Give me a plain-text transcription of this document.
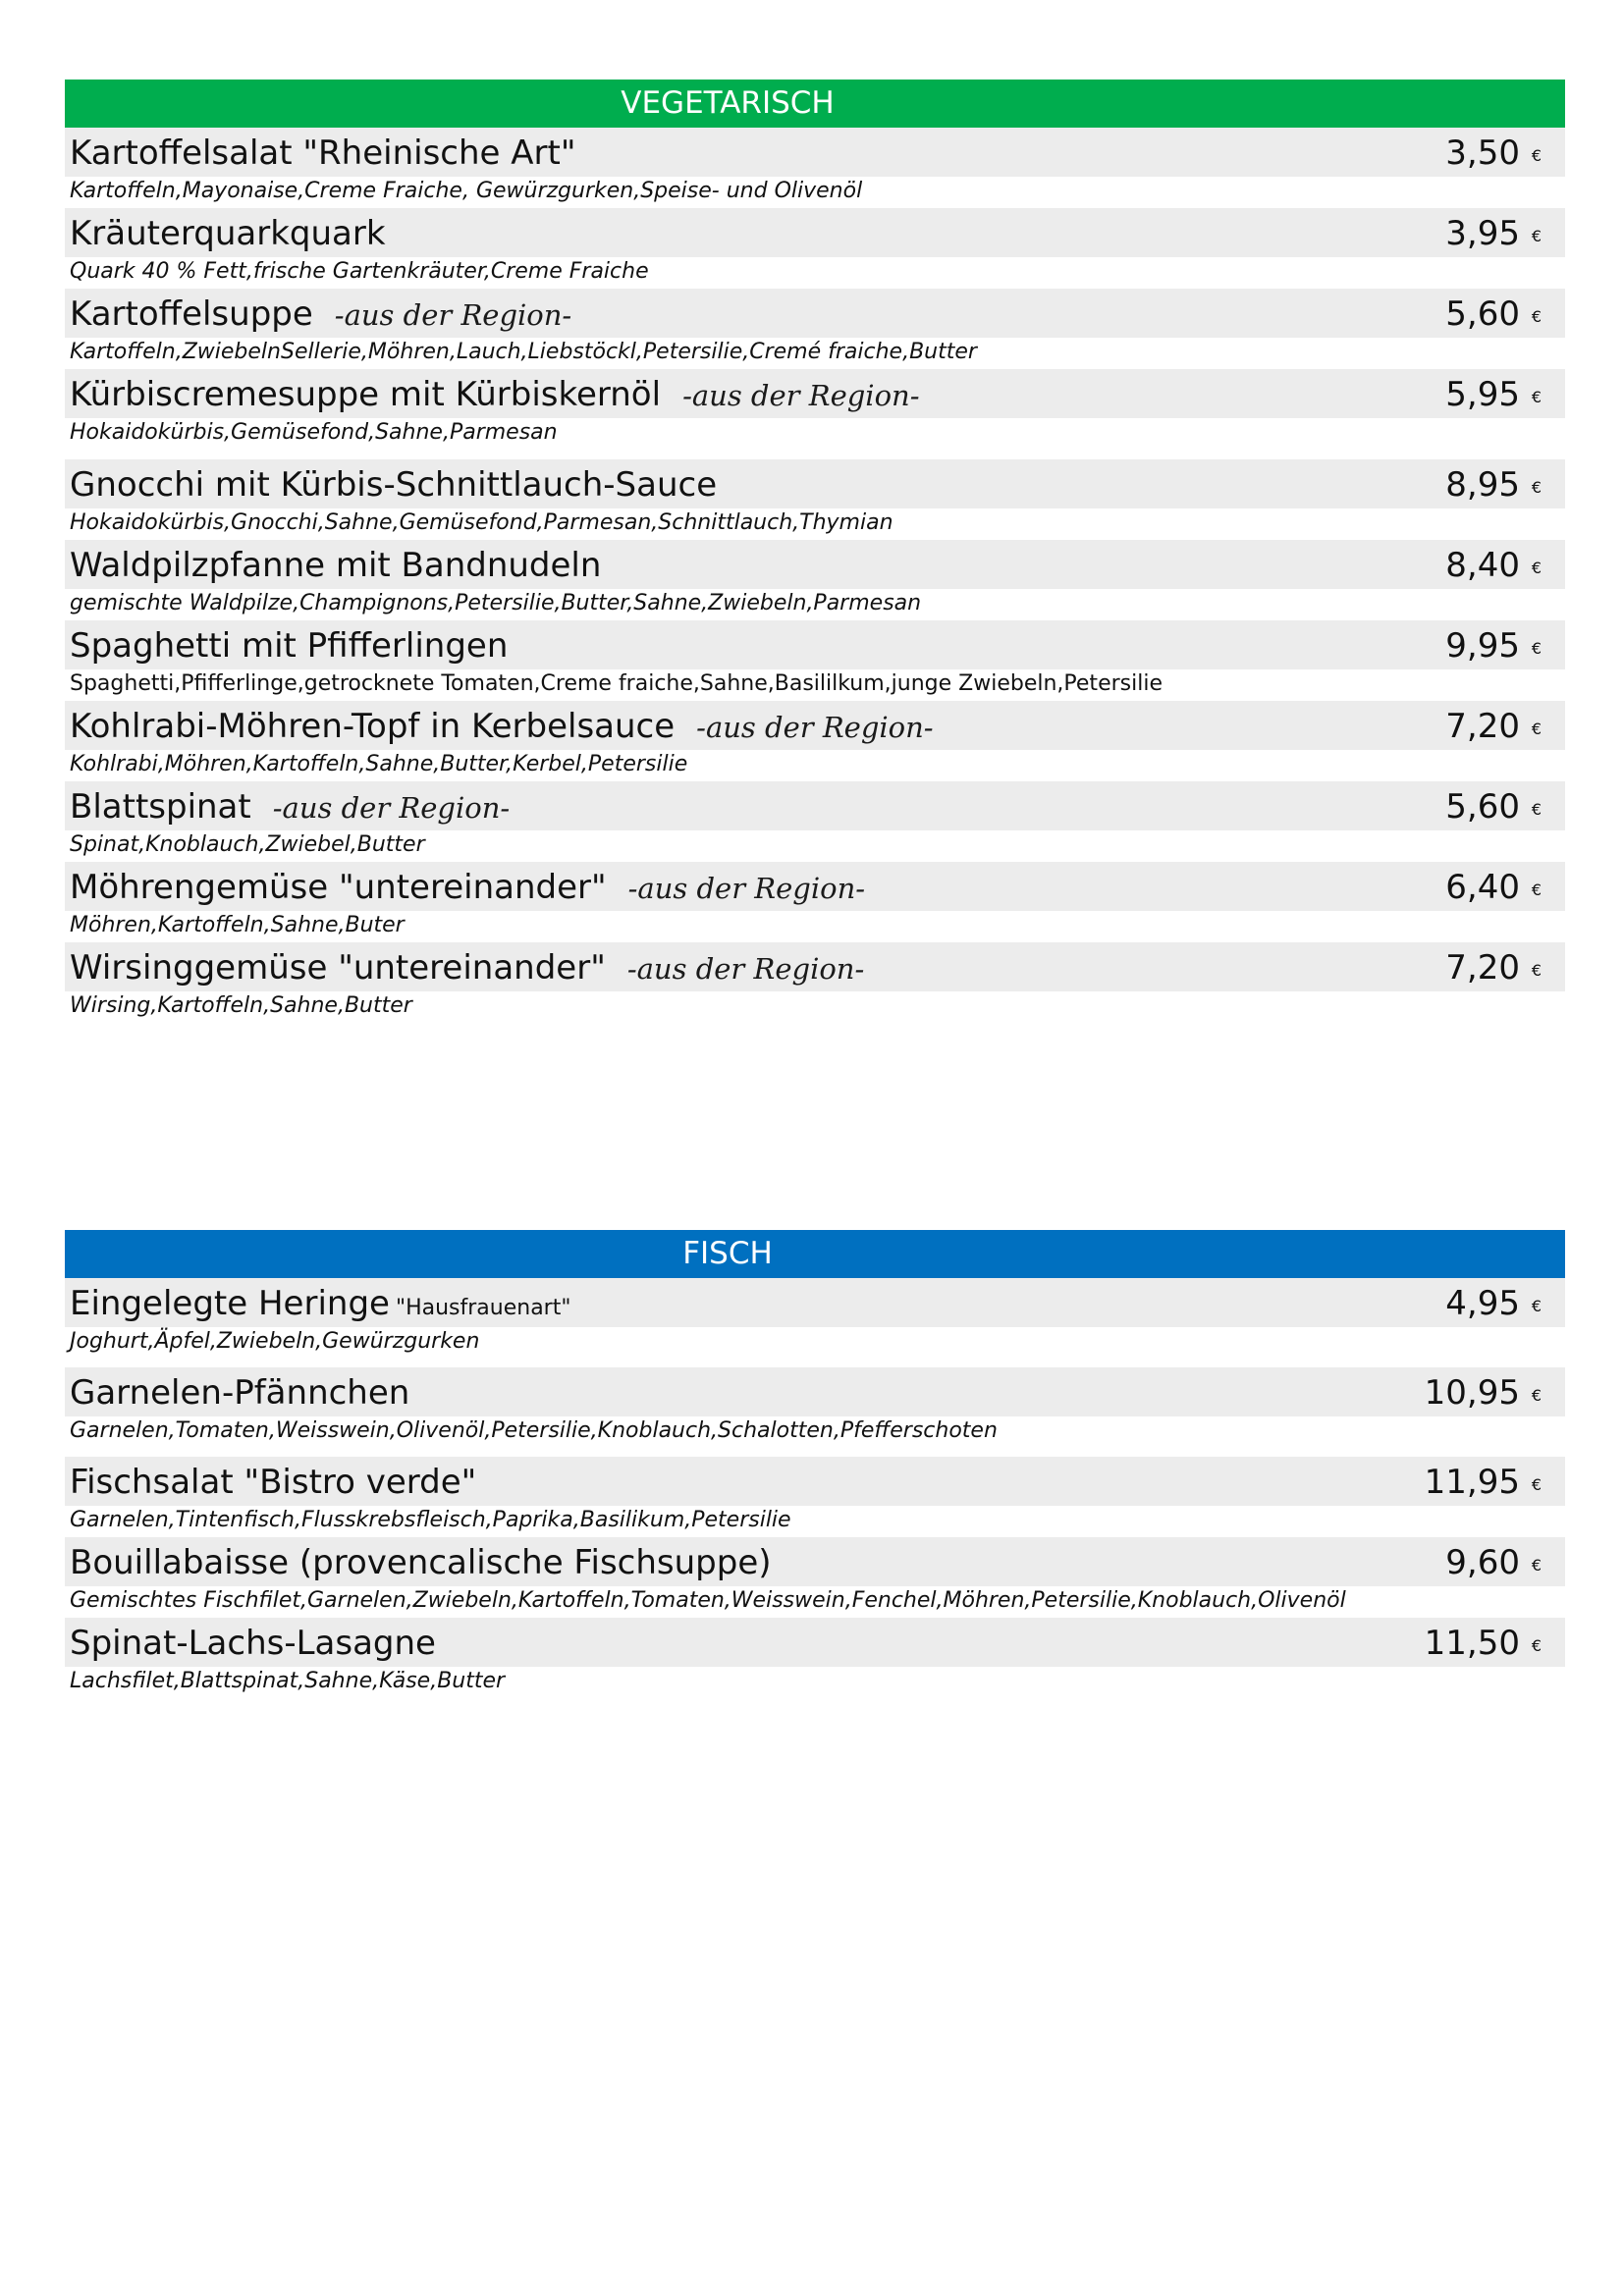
VEGETARISCH
Kartoffelsalat "Rheinische Art"	3,50 €
Kartoffeln,Mayonaise,Creme Fraiche, Gewürzgurken,Speise- und Olivenöl
Kräuterquarkquark	3,95 €
Quark 40 % Fett,frische Gartenkräuter,Creme Fraiche
Kartoffelsuppe -aus der Region-	5,60 €
Kartoffeln,ZwiebelnSellerie,Möhren,Lauch,Liebstöckl,Petersilie,Cremé fraiche,Butter
Kürbiscremesuppe mit Kürbiskernöl -aus der Region-	5,95 €
Hokaidokürbis,Gemüsefond,Sahne,Parmesan
Gnocchi mit Kürbis-Schnittlauch-Sauce	8,95 €
Hokaidokürbis,Gnocchi,Sahne,Gemüsefond,Parmesan,Schnittlauch,Thymian
Waldpilzpfanne mit Bandnudeln	8,40 €
gemischte Waldpilze,Champignons,Petersilie,Butter,Sahne,Zwiebeln,Parmesan
Spaghetti mit Pfifferlingen	9,95 €
Spaghetti,Pfifferlinge,getrocknete Tomaten,Creme fraiche,Sahne,Basililkum,junge Zwiebeln,Petersilie
Kohlrabi-Möhren-Topf in Kerbelsauce -aus der Region-	7,20 €
Kohlrabi,Möhren,Kartoffeln,Sahne,Butter,Kerbel,Petersilie
Blattspinat -aus der Region-	5,60 €
Spinat,Knoblauch,Zwiebel,Butter
Möhrengemüse "untereinander" -aus der Region-	6,40 €
Möhren,Kartoffeln,Sahne,Buter
Wirsinggemüse "untereinander" -aus der Region-	7,20 €
Wirsing,Kartoffeln,Sahne,Butter
FISCH
Eingelegte Heringe "Hausfrauenart"	4,95 €
Joghurt,Äpfel,Zwiebeln,Gewürzgurken
Garnelen-Pfännchen	10,95 €
Garnelen,Tomaten,Weisswein,Olivenöl,Petersilie,Knoblauch,Schalotten,Pfefferschoten
Fischsalat "Bistro verde"	11,95 €
Garnelen,Tintenfisch,Flusskrebsfleisch,Paprika,Basilikum,Petersilie
Bouillabaisse (provencalische Fischsuppe)	9,60 €
Gemischtes Fischfilet,Garnelen,Zwiebeln,Kartoffeln,Tomaten,Weisswein,Fenchel,Möhren,Petersilie,Knoblauch,Olivenöl
Spinat-Lachs-Lasagne	11,50 €
Lachsfilet,Blattspinat,Sahne,Käse,Butter
